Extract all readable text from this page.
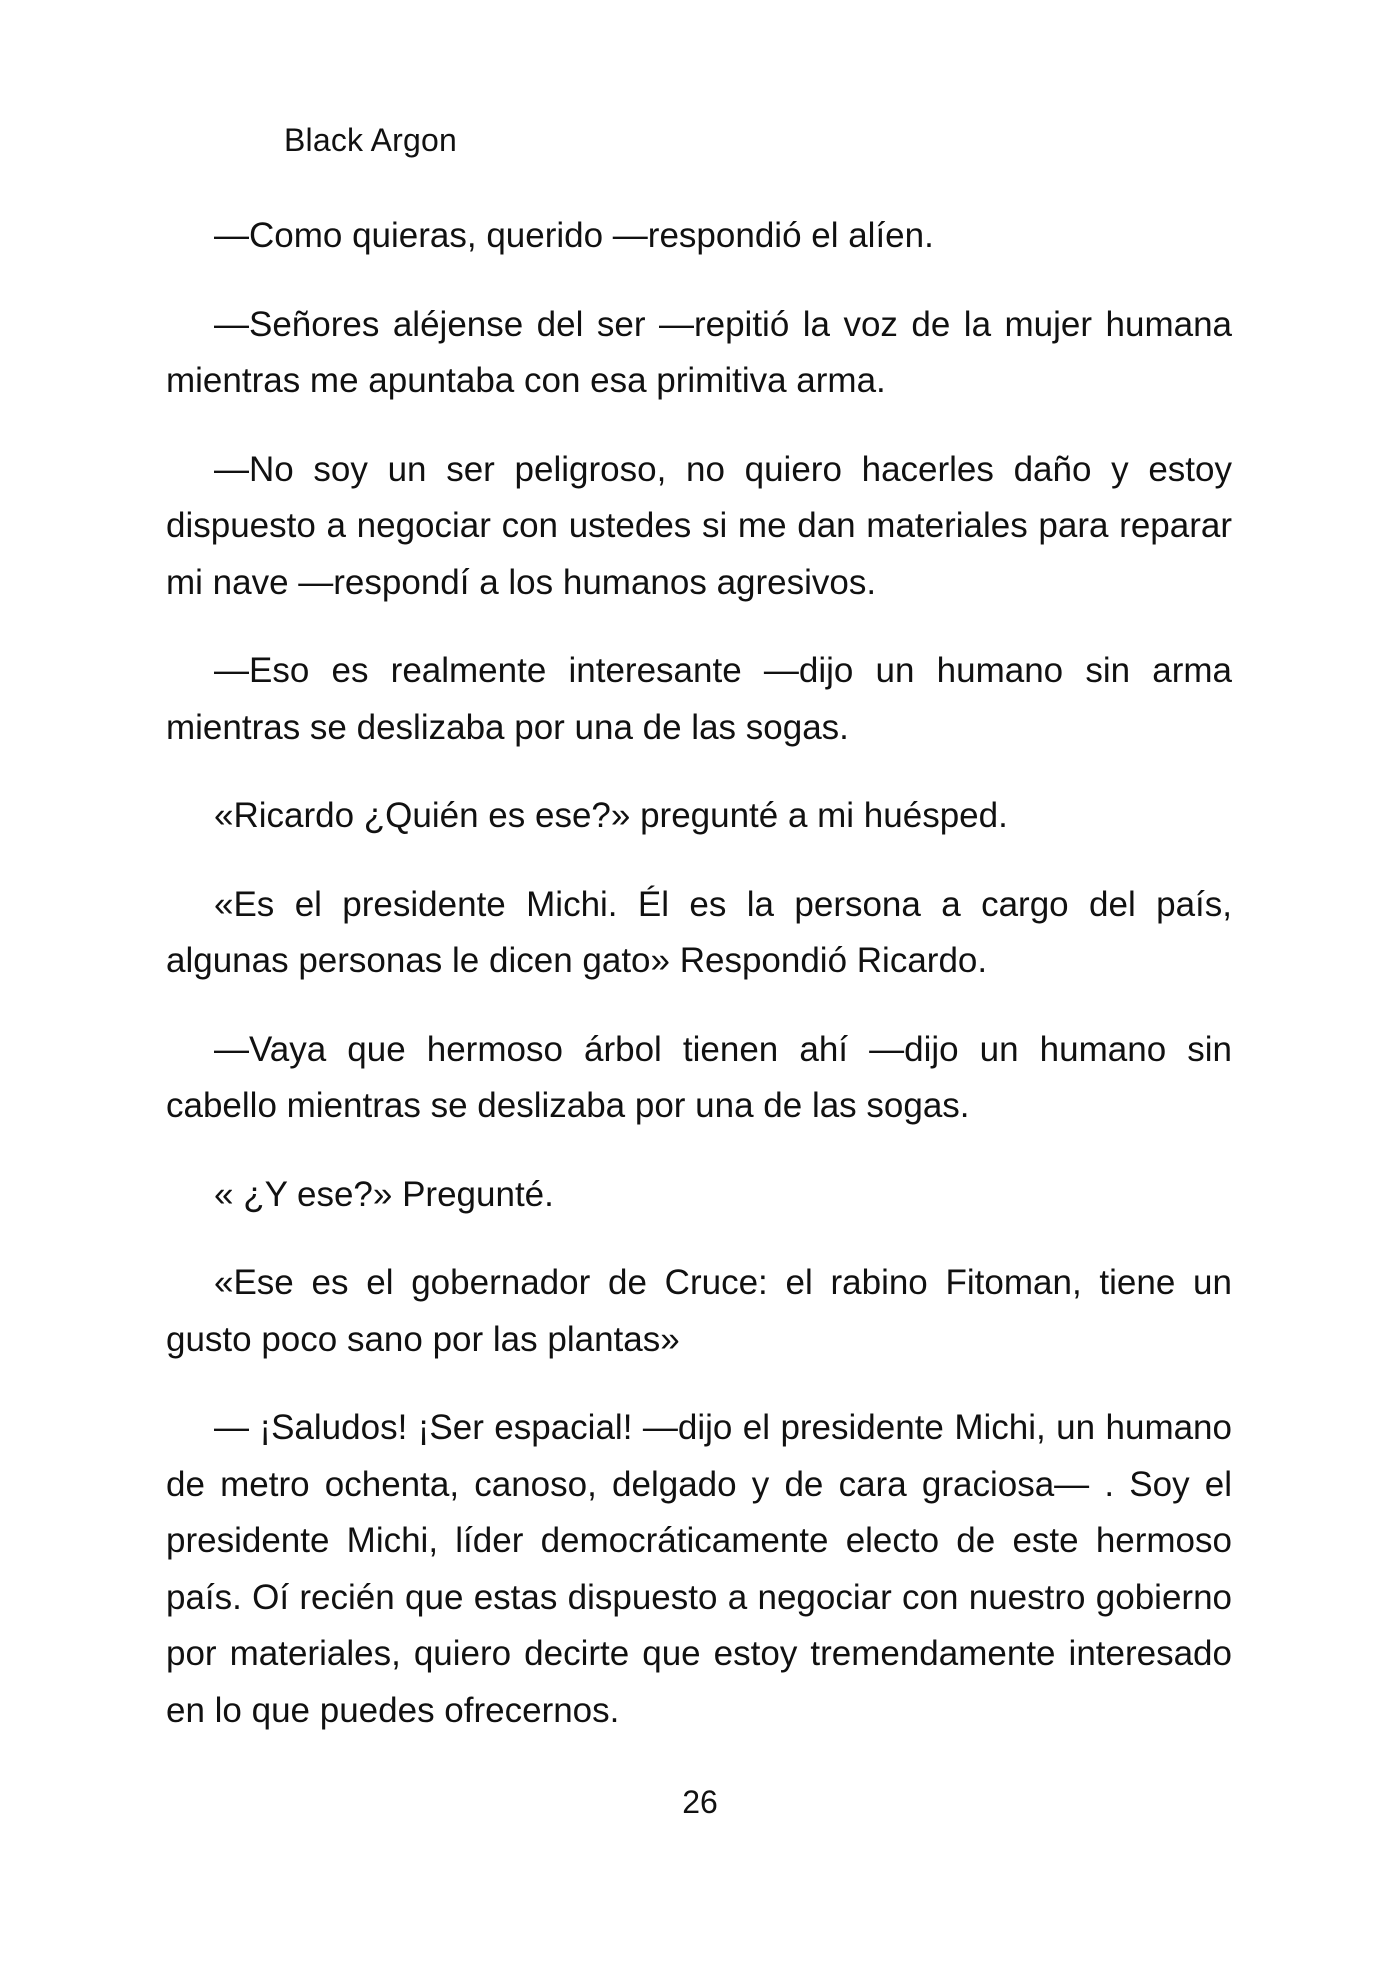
Black Argon

—Como quieras, querido —respondió el alíen.

—Señores aléjense del ser —repitió la voz de la mujer humana mientras me apuntaba con esa primitiva arma.

—No soy un ser peligroso, no quiero hacerles daño y estoy dispuesto a negociar con ustedes si me dan materiales para reparar mi nave —respondí a los humanos agresivos.

—Eso es realmente interesante —dijo un humano sin arma mientras se deslizaba por una de las sogas.

«Ricardo ¿Quién es ese?» pregunté a mi huésped.

«Es el presidente Michi. Él es la persona a cargo del país, algunas personas le dicen gato» Respondió Ricardo.

—Vaya que hermoso árbol tienen ahí —dijo un humano sin cabello mientras se deslizaba por una de las sogas.

« ¿Y ese?» Pregunté.

«Ese es el gobernador de Cruce: el rabino Fitoman, tiene un gusto poco sano por las plantas»

— ¡Saludos! ¡Ser espacial! —dijo el presidente Michi, un humano de metro ochenta, canoso, delgado y de cara graciosa— . Soy el presidente Michi, líder democráticamente electo de este hermoso país. Oí recién que estas dispuesto a negociar con nuestro gobierno por materiales, quiero decirte que estoy tremendamente interesado en lo que puedes ofrecernos.

26
